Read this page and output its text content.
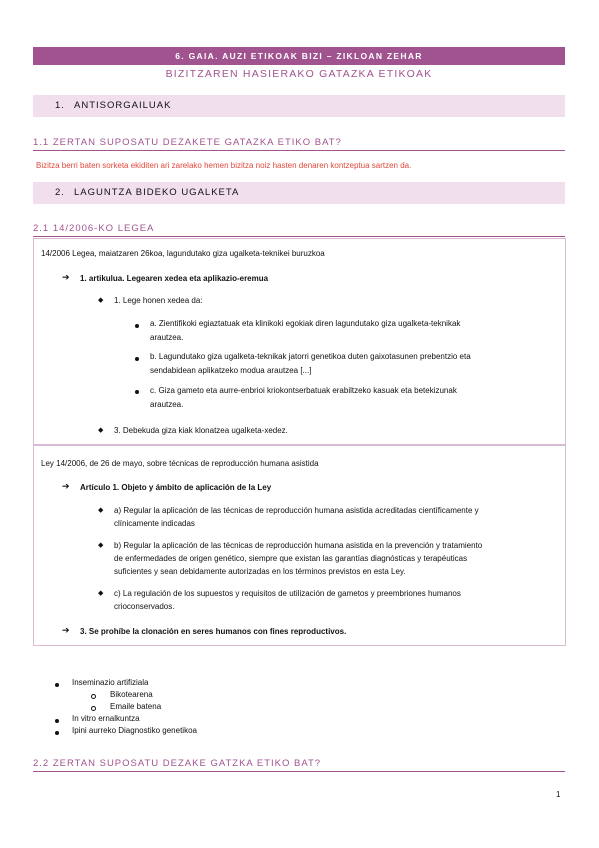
6. GAIA. AUZI ETIKOAK BIZI – ZIKLOAN ZEHAR
BIZITZAREN HASIERAKO GATAZKA ETIKOAK
1. ANTISORGAILUAK
1.1 ZERTAN SUPOSATU DEZAKETE GATAZKA ETIKO BAT?
Bizitza berri baten sorketa ekiditen ari zarelako hemen bizitza noiz hasten denaren kontzeptua sartzen da.
2. LAGUNTZA BIDEKO UGALKETA
2.1 14/2006-KO LEGEA
14/2006 Legea, maiatzaren 26koa, lagundutako giza ugalketa-teknikei buruzkoa
➔ 1. artikulua. Legearen xedea eta aplikazio-eremua
◆ 1. Lege honen xedea da:
a. Zientifikoki egiaztatuak eta klinikoki egokiak diren lagundutako giza ugalketa-teknikak
arautzea.
b. Lagundutako giza ugalketa-teknikak jatorri genetikoa duten gaixotasunen prebentzio eta
sendabidean aplikatzeko modua arautzea [...]
c. Giza gameto eta aurre-enbrioi kriokontserbatuak erabiltzeko kasuak eta betekizunak
arautzea.
◆ 3. Debekuda giza kiak klonatzea ugalketa-xedez.
Ley 14/2006, de 26 de mayo, sobre técnicas de reproducción humana asistida
➔ Artículo 1. Objeto y ámbito de aplicación de la Ley
◆ a) Regular la aplicación de las técnicas de reproducción humana asistida acreditadas científicamente y
clínicamente indicadas
◆ b) Regular la aplicación de las técnicas de reproducción humana asistida en la prevención y tratamiento
de enfermedades de origen genético, siempre que existan las garantías diagnósticas y terapéuticas
suficientes y sean debidamente autorizadas en los términos previstos en esta Ley.
◆ c) La regulación de los supuestos y requisitos de utilización de gametos y preembriones humanos
crioconservados.
➔ 3. Se prohíbe la clonación en seres humanos con fines reproductivos.
Inseminazio artifiziala
Bikotearena
Emaile batena
In vitro ernalkuntza
Ipini aurreko Diagnostiko genetikoa
2.2 ZERTAN SUPOSATU DEZAKE GATZKA ETIKO BAT?
1
